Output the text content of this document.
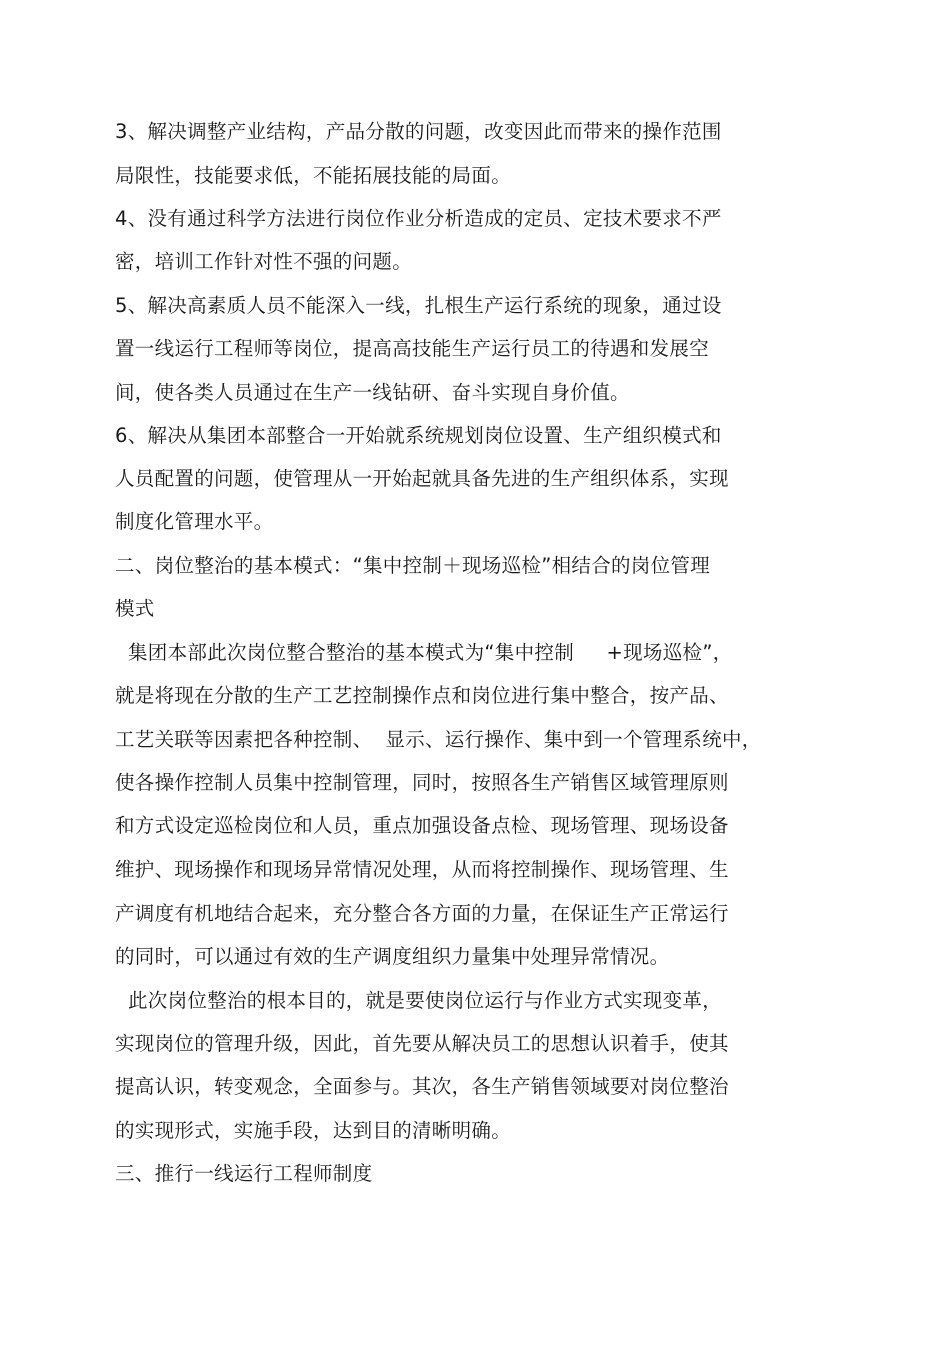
3、解决调整产业结构，产品分散的问题，改变因此而带来的操作范围

局限性，技能要求低，不能拓展技能的局面。

4、没有通过科学方法进行岗位作业分析造成的定员、定技术要求不严

密，培训工作针对性不强的问题。

5、解决高素质人员不能深入一线，扎根生产运行系统的现象，通过设

置一线运行工程师等岗位，提高高技能生产运行员工的待遇和发展空

间，使各类人员通过在生产一线钻研、奋斗实现自身价值。

6、解决从集团本部整合一开始就系统规划岗位设置、生产组织模式和

人员配置的问题，使管理从一开始起就具备先进的生产组织体系，实现

制度化管理水平。

二、岗位整治的基本模式：“集中控制＋现场巡检”相结合的岗位管理

模式

集团本部此次岗位整合整治的基本模式为“集中控制     +现场巡检”，

就是将现在分散的生产工艺控制操作点和岗位进行集中整合，按产品、

工艺关联等因素把各种控制、  显示、运行操作、集中到一个管理系统中，

使各操作控制人员集中控制管理，同时，按照各生产销售区域管理原则

和方式设定巡检岗位和人员，重点加强设备点检、现场管理、现场设备

维护、现场操作和现场异常情况处理，从而将控制操作、现场管理、生

产调度有机地结合起来，充分整合各方面的力量，在保证生产正常运行

的同时，可以通过有效的生产调度组织力量集中处理异常情况。

此次岗位整治的根本目的，就是要使岗位运行与作业方式实现变革，

实现岗位的管理升级，因此，首先要从解决员工的思想认识着手，使其

提高认识，转变观念，全面参与。其次，各生产销售领域要对岗位整治

的实现形式，实施手段，达到目的清晰明确。

三、推行一线运行工程师制度
